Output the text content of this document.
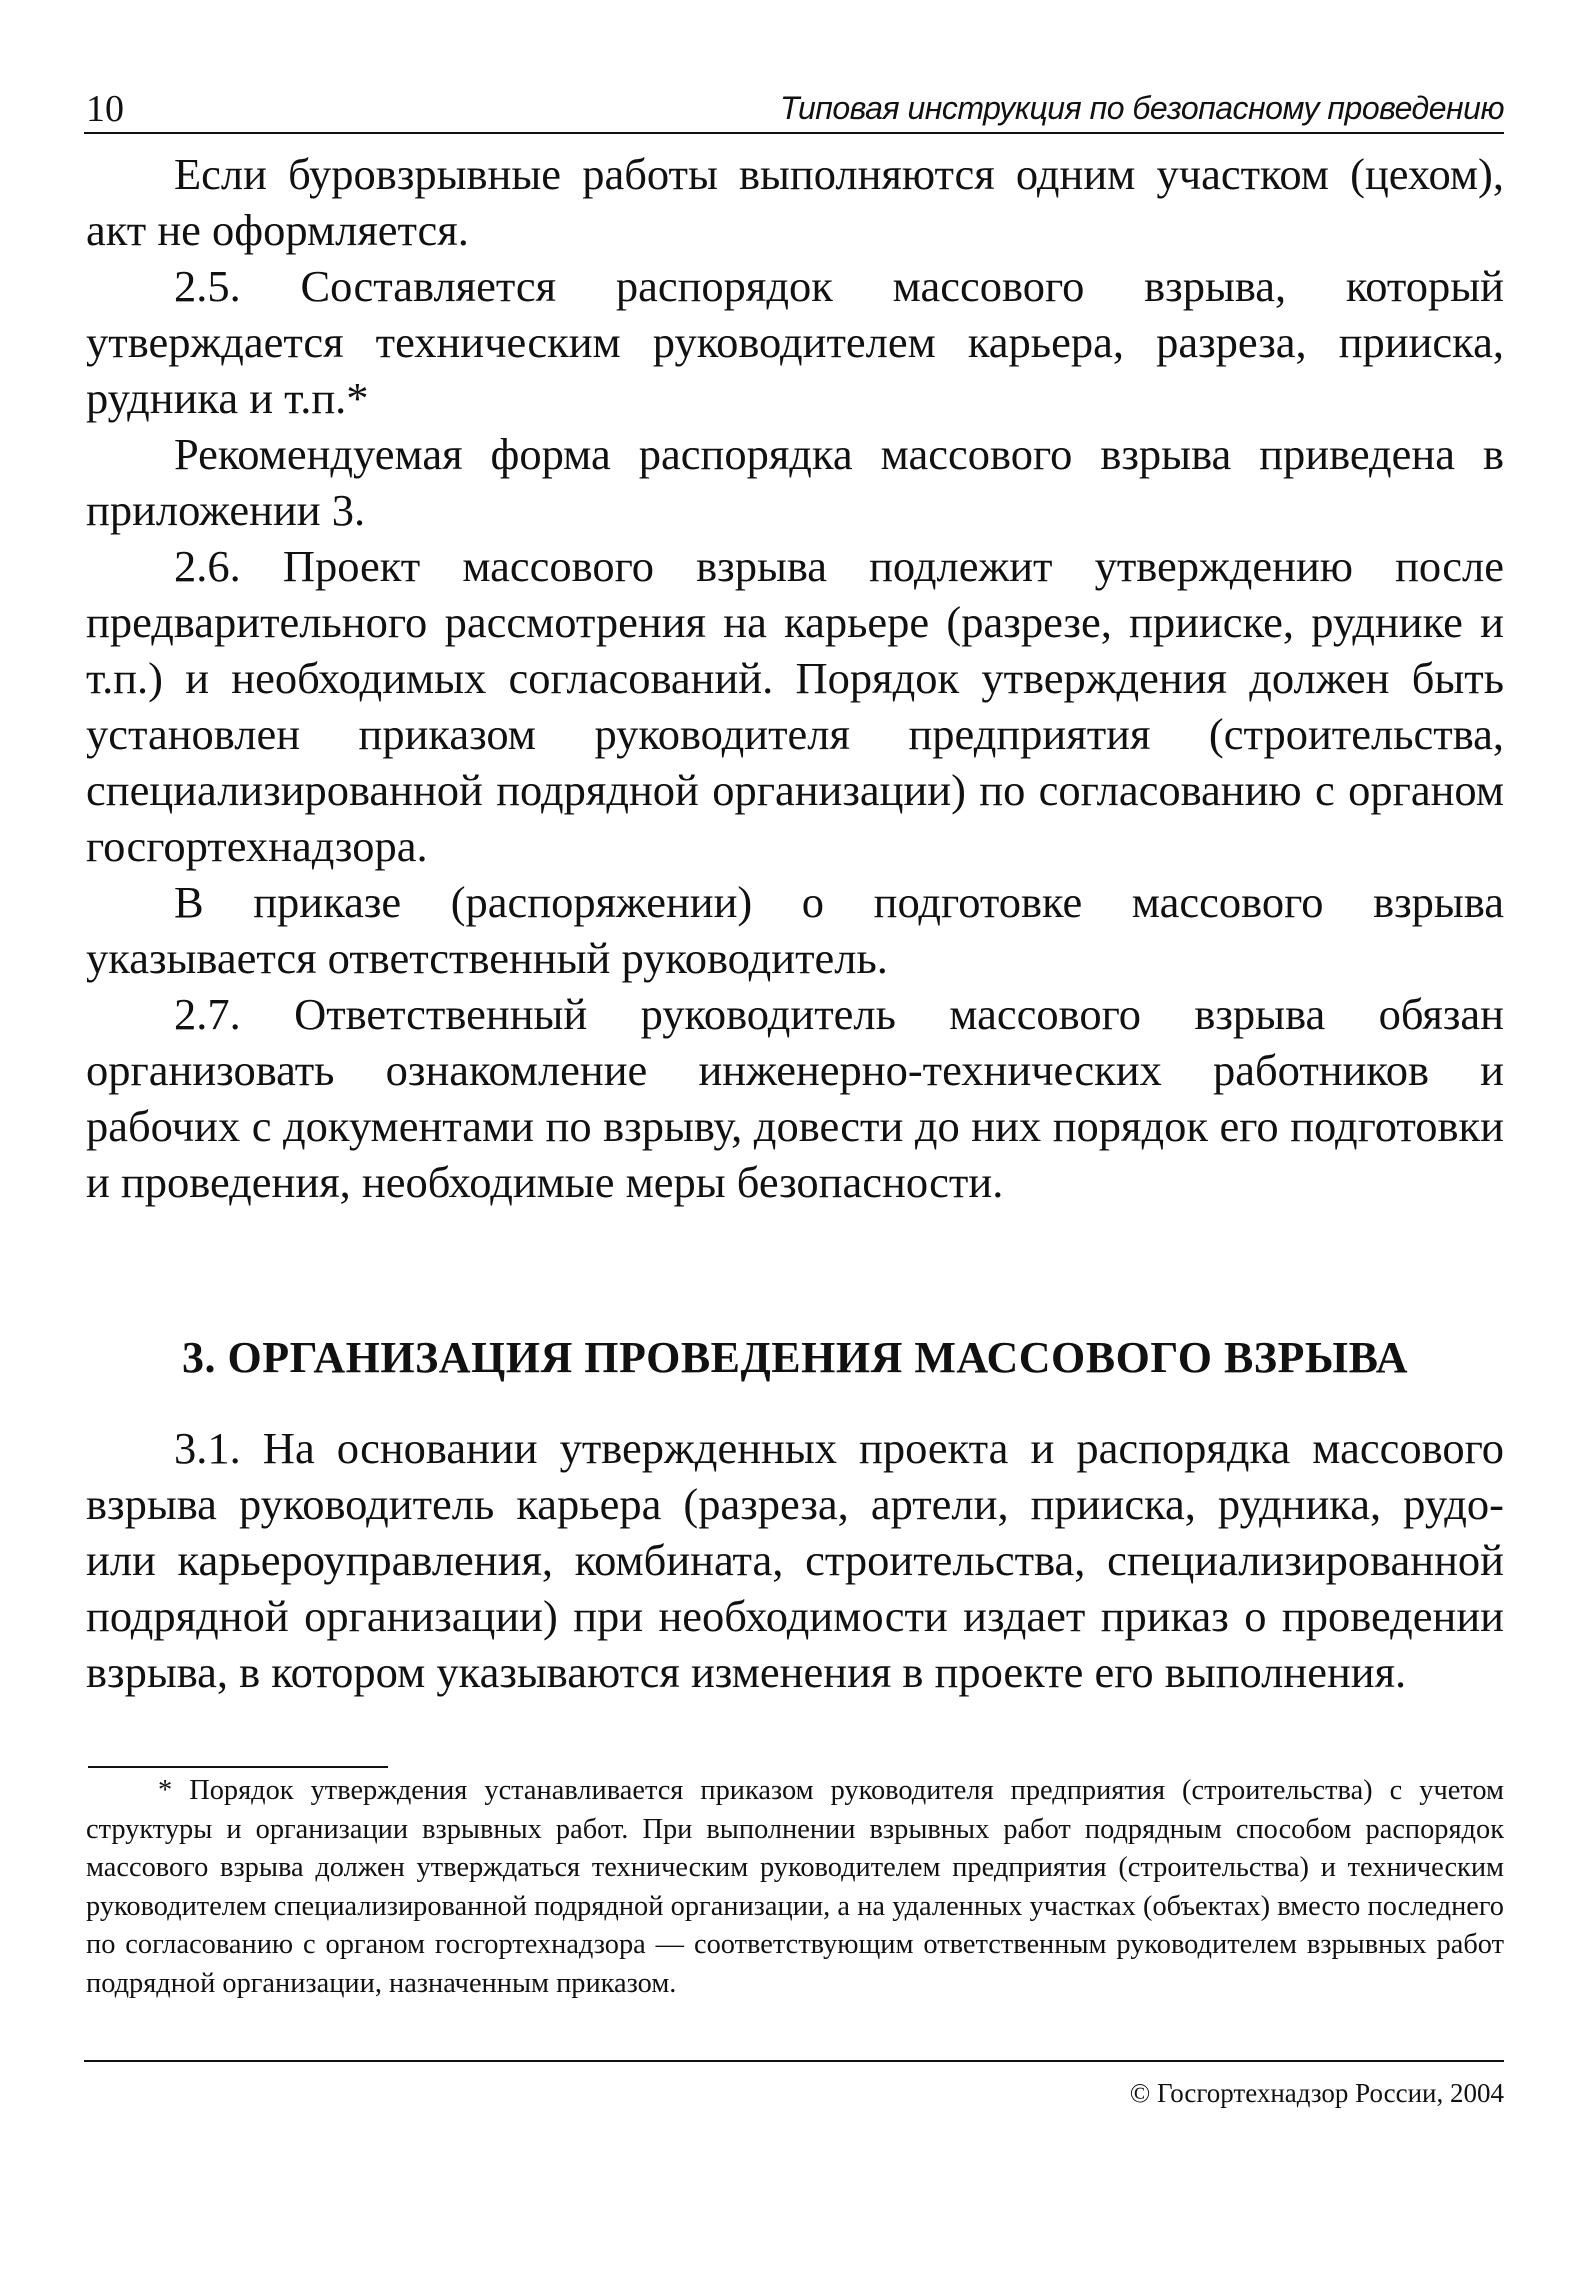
10	Типовая инструкция по безопасному проведению

Если буровзрывные работы выполняются одним участком (цехом), акт не оформляется.

2.5. Составляется распорядок массового взрыва, который утверждается техническим руководителем карьера, разреза, прииска, рудника и т.п.*

Рекомендуемая форма распорядка массового взрыва приведена в приложении 3.

2.6. Проект массового взрыва подлежит утверждению после предварительного рассмотрения на карьере (разрезе, прииске, руднике и т.п.) и необходимых согласований. Порядок утверждения должен быть установлен приказом руководителя предприятия (строительства, специализированной подрядной организации) по согласованию с органом госгортехнадзора.

В приказе (распоряжении) о подготовке массового взрыва указывается ответственный руководитель.

2.7. Ответственный руководитель массового взрыва обязан организовать ознакомление инженерно-технических работников и рабочих с документами по взрыву, довести до них порядок его подготовки и проведения, необходимые меры безопасности.

3. ОРГАНИЗАЦИЯ ПРОВЕДЕНИЯ МАССОВОГО ВЗРЫВА

3.1. На основании утвержденных проекта и распорядка массового взрыва руководитель карьера (разреза, артели, прииска, рудника, рудо- или карьероуправления, комбината, строительства, специализированной подрядной организации) при необходимости издает приказ о проведении взрыва, в котором указываются изменения в проекте его выполнения.

* Порядок утверждения устанавливается приказом руководителя предприятия (строительства) с учетом структуры и организации взрывных работ. При выполнении взрывных работ подрядным способом распорядок массового взрыва должен утверждаться техническим руководителем предприятия (строительства) и техническим руководителем специализированной подрядной организации, а на удаленных участках (объектах) вместо последнего по согласованию с органом госгортехнадзора — соответствующим ответственным руководителем взрывных работ подрядной организации, назначенным приказом.

© Госгортехнадзор России, 2004
